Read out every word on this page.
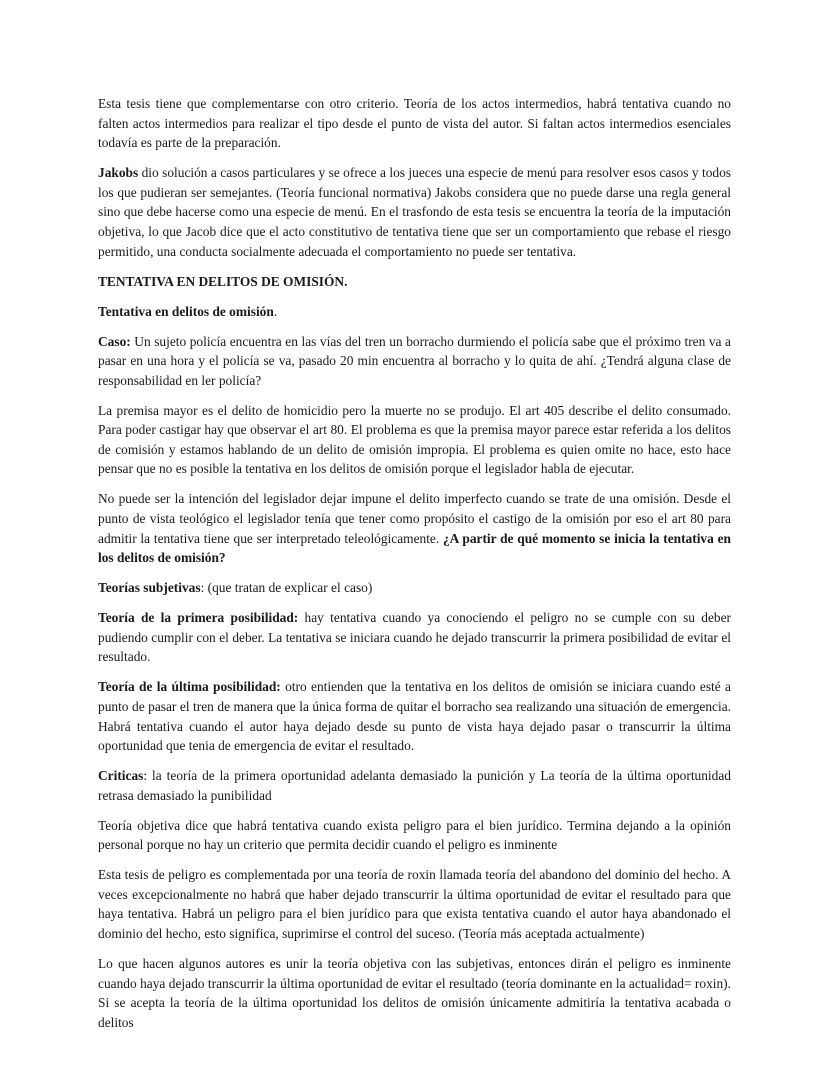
Esta tesis tiene que complementarse con otro criterio. Teoría de los actos intermedios, habrá tentativa cuando no falten actos intermedios para realizar el tipo desde el punto de vista del autor. Si faltan actos intermedios esenciales todavía es parte de la preparación.

Jakobs dio solución a casos particulares y se ofrece a los jueces una especie de menú para resolver esos casos y todos los que pudieran ser semejantes. (Teoría funcional normativa) Jakobs considera que no puede darse una regla general sino que debe hacerse como una especie de menú. En el trasfondo de esta tesis se encuentra la teoría de la imputación objetiva, lo que Jacob dice que el acto constitutivo de tentativa tiene que ser un comportamiento que rebase el riesgo permitido, una conducta socialmente adecuada el comportamiento no puede ser tentativa.

TENTATIVA EN DELITOS DE OMISIÓN.

Tentativa en delitos de omisión.

Caso: Un sujeto policía encuentra en las vías del tren un borracho durmiendo el policía sabe que el próximo tren va a pasar en una hora y el policía se va, pasado 20 min encuentra al borracho y lo quita de ahí. ¿Tendrá alguna clase de responsabilidad en ler policía?

La premisa mayor es el delito de homicidio pero la muerte no se produjo. El art 405 describe el delito consumado. Para poder castigar hay que observar el art 80. El problema es que la premisa mayor parece estar referida a los delitos de comisión y estamos hablando de un delito de omisión impropia. El problema es quien omite no hace, esto hace pensar que no es posible la tentativa en los delitos de omisión porque el legislador habla de ejecutar.

No puede ser la intención del legislador dejar impune el delito imperfecto cuando se trate de una omisión. Desde el punto de vista teológico el legislador tenía que tener como propósito el castigo de la omisión por eso el art 80 para admitir la tentativa tiene que ser interpretado teleológicamente. ¿A partir de qué momento se inicia la tentativa en los delitos de omisión?

Teorías subjetivas: (que tratan de explicar el caso)

Teoría de la primera posibilidad: hay tentativa cuando ya conociendo el peligro no se cumple con su deber pudiendo cumplir con el deber. La tentativa se iniciara cuando he dejado transcurrir la primera posibilidad de evitar el resultado.

Teoría de la última posibilidad: otro entienden que la tentativa en los delitos de omisión se iniciara cuando esté a punto de pasar el tren de manera que la única forma de quitar el borracho sea realizando una situación de emergencia. Habrá tentativa cuando el autor haya dejado desde su punto de vista haya dejado pasar o transcurrir la última oportunidad que tenia de emergencia de evitar el resultado.

Criticas: la teoría de la primera oportunidad adelanta demasiado la punición y La teoría de la última oportunidad retrasa demasiado la punibilidad

Teoría objetiva dice que habrá tentativa cuando exista peligro para el bien jurídico. Termina dejando a la opinión personal porque no hay un criterio que permita decidir cuando el peligro es inminente

Esta tesis de peligro es complementada por una teoría de roxin llamada teoría del abandono del dominio del hecho. A veces excepcionalmente no habrá que haber dejado transcurrir la última oportunidad de evitar el resultado para que haya tentativa. Habrá un peligro para el bien jurídico para que exista tentativa cuando el autor haya abandonado el dominio del hecho, esto significa, suprimirse el control del suceso. (Teoría más aceptada actualmente)

Lo que hacen algunos autores es unir la teoría objetiva con las subjetivas, entonces dirán el peligro es inminente cuando haya dejado transcurrir la última oportunidad de evitar el resultado (teoría dominante en la actualidad= roxin). Si se acepta la teoría de la última oportunidad los delitos de omisión únicamente admitiría la tentativa acabada o delitos
